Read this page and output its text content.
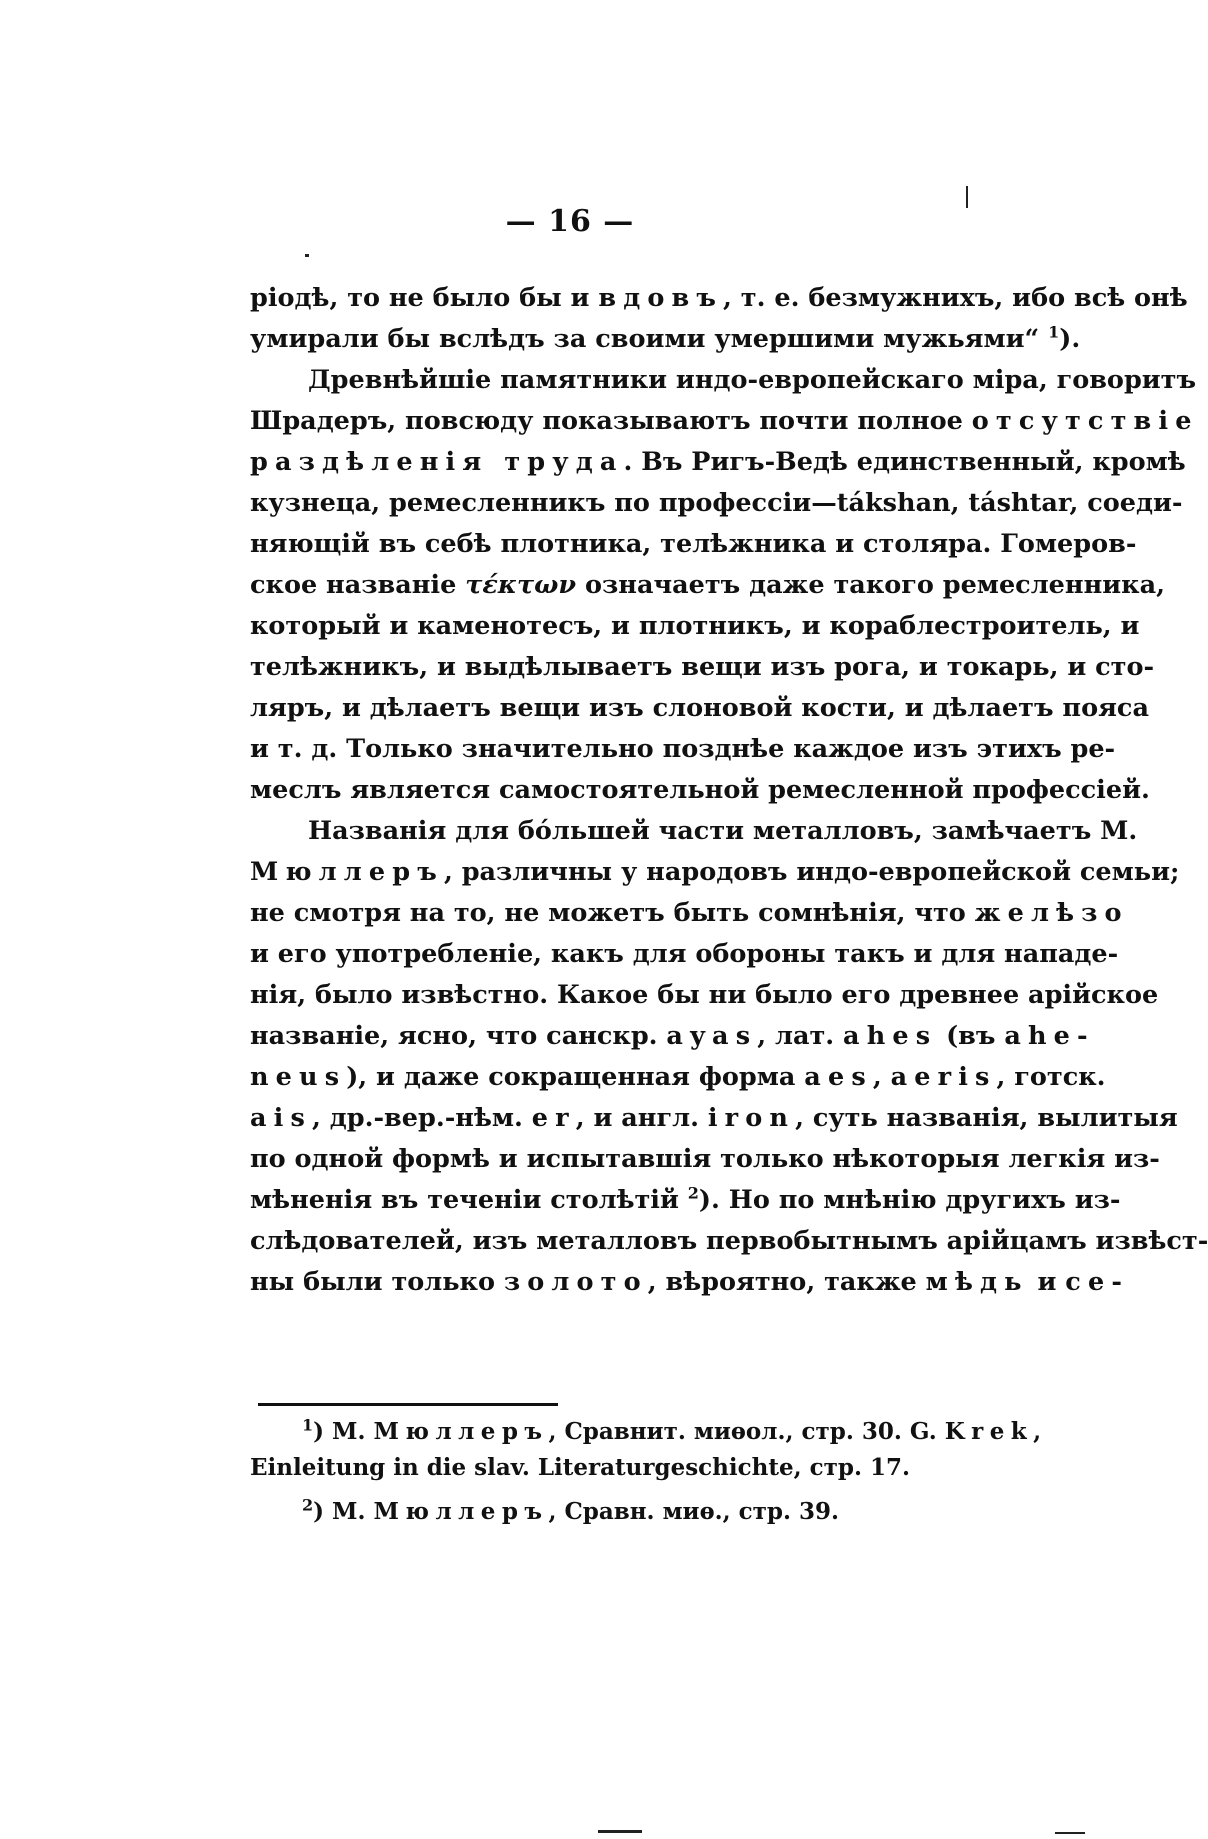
— 16 —
ріодѣ, то не было бы и вдовъ, т. е. безмужнихъ, ибо всѣ онѣ
умирали бы вслѣдъ за своими умершими мужьями“ $^1$).
Древнѣйшіе памятники индо-европейскаго міра, говоритъ
Шрадеръ, повсюду показываютъ почти полное отсутствіе
раздѣленія труда. Въ Ригъ-Ведѣ единственный, кромѣ
кузнеца, ремесленникъ по профессіи—tákshan, táshtar, соеди-
няющій въ себѣ плотника, телѣжника и столяра. Гомеров-
ское названіе τέκτων означаетъ даже такого ремесленника,
который и каменотесъ, и плотникъ, и кораблестроитель, и
телѣжникъ, и выдѣлываетъ вещи изъ рога, и токарь, и сто-
ляръ, и дѣлаетъ вещи изъ слоновой кости, и дѣлаетъ пояса
и т. д. Только значительно позднѣе каждое изъ этихъ ре-
меслъ является самостоятельной ремесленной профессіей.
Названія для бóльшей части металловъ, замѣчаетъ М.
Мюллеръ, различны у народовъ индо-европейской семьи;
не смотря на то, не можетъ быть сомнѣнія, что желѣзо
и его употребленіе, какъ для обороны такъ и для нападе-
нія, было извѣстно. Какое бы ни было его древнее арійское
названіе, ясно, что санскр. ayas, лат. ahes (въ ahe-
neus), и даже сокращенная форма aes, aeris, готск.
ais, др.-вер.-нѣм. er, и англ. iron, суть названія, вылитыя
по одной формѣ и испытавшія только нѣкоторыя легкія из-
мѣненія въ теченіи столѣтій $^2$). Но по мнѣнію другихъ из-
слѣдователей, изъ металловъ первобытнымъ арійцамъ извѣст-
ны были только золото, вѣроятно, также мѣдь и се-
$^1$) М. Мюллеръ, Сравнит. миѳол., стр. 30. G. Krek,
Einleitung in die slav. Literaturgeschichte, стр. 17.
$^2$) М. Мюллеръ, Сравн. миѳ., стр. 39.
